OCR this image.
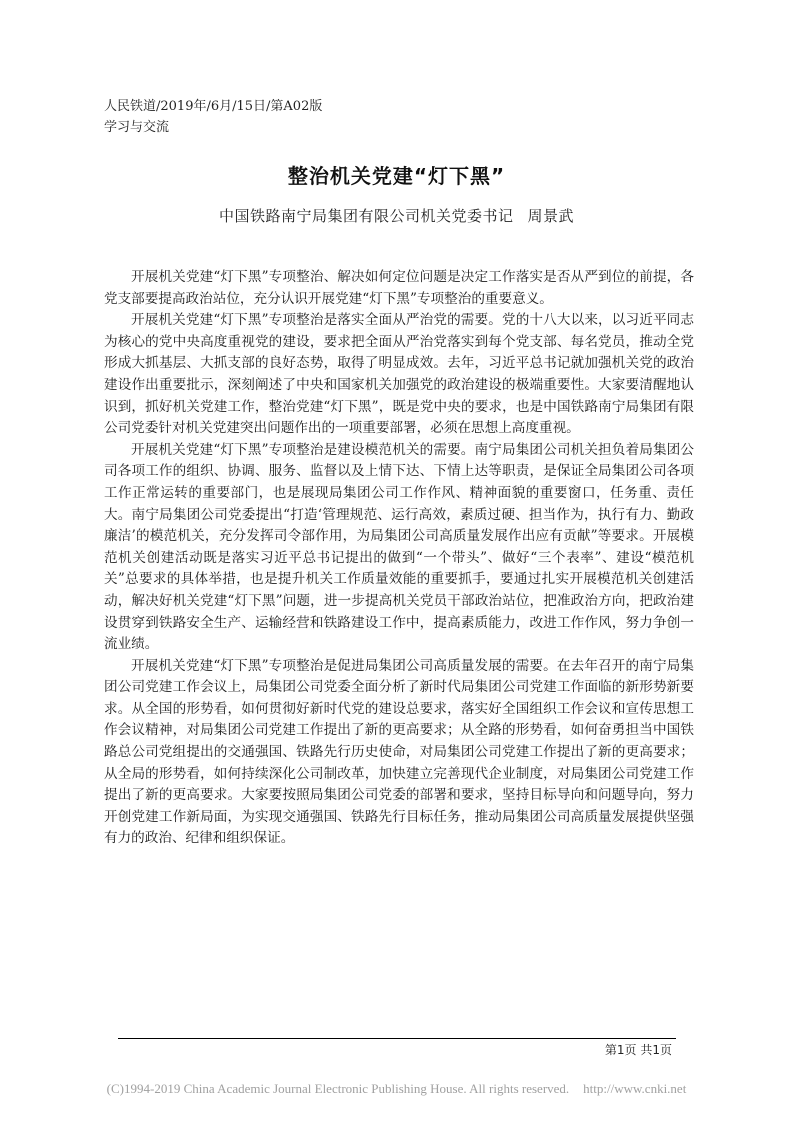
人民铁道/2019年/6月/15日/第A02版
学习与交流
整治机关党建“灯下黑”
中国铁路南宁局集团有限公司机关党委书记 周景武

开展机关党建“灯下黑”专项整治、解决如何定位问题是决定工作落实是否从严到位的前提，各党支部要提高政治站位，充分认识开展党建“灯下黑”专项整治的重要意义。

开展机关党建“灯下黑”专项整治是落实全面从严治党的需要。党的十八大以来，以习近平同志为核心的党中央高度重视党的建设，要求把全面从严治党落实到每个党支部、每名党员，推动全党形成大抓基层、大抓支部的良好态势，取得了明显成效。去年，习近平总书记就加强机关党的政治建设作出重要批示，深刻阐述了中央和国家机关加强党的政治建设的极端重要性。大家要清醒地认识到，抓好机关党建工作，整治党建“灯下黑”，既是党中央的要求，也是中国铁路南宁局集团有限公司党委针对机关党建突出问题作出的一项重要部署，必须在思想上高度重视。

开展机关党建“灯下黑”专项整治是建设模范机关的需要。南宁局集团公司机关担负着局集团公司各项工作的组织、协调、服务、监督以及上情下达、下情上达等职责，是保证全局集团公司各项工作正常运转的重要部门，也是展现局集团公司工作作风、精神面貌的重要窗口，任务重、责任大。南宁局集团公司党委提出“打造‘管理规范、运行高效，素质过硬、担当作为，执行有力、勤政廉洁’的模范机关，充分发挥司令部作用，为局集团公司高质量发展作出应有贡献”等要求。开展模范机关创建活动既是落实习近平总书记提出的做到“一个带头”、做好“三个表率”、建设“模范机关”总要求的具体举措，也是提升机关工作质量效能的重要抓手，要通过扎实开展模范机关创建活动，解决好机关党建“灯下黑”问题，进一步提高机关党员干部政治站位，把准政治方向，把政治建设贯穿到铁路安全生产、运输经营和铁路建设工作中，提高素质能力，改进工作作风，努力争创一流业绩。

开展机关党建“灯下黑”专项整治是促进局集团公司高质量发展的需要。在去年召开的南宁局集团公司党建工作会议上，局集团公司党委全面分析了新时代局集团公司党建工作面临的新形势新要求。从全国的形势看，如何贯彻好新时代党的建设总要求，落实好全国组织工作会议和宣传思想工作会议精神，对局集团公司党建工作提出了新的更高要求；从全路的形势看，如何奋勇担当中国铁路总公司党组提出的交通强国、铁路先行历史使命，对局集团公司党建工作提出了新的更高要求；从全局的形势看，如何持续深化公司制改革，加快建立完善现代企业制度，对局集团公司党建工作提出了新的更高要求。大家要按照局集团公司党委的部署和要求，坚持目标导向和问题导向，努力开创党建工作新局面，为实现交通强国、铁路先行目标任务，推动局集团公司高质量发展提供坚强有力的政治、纪律和组织保证。

第1页 共1页
(C)1994-2019 China Academic Journal Electronic Publishing House. All rights reserved. http://www.cnki.net
